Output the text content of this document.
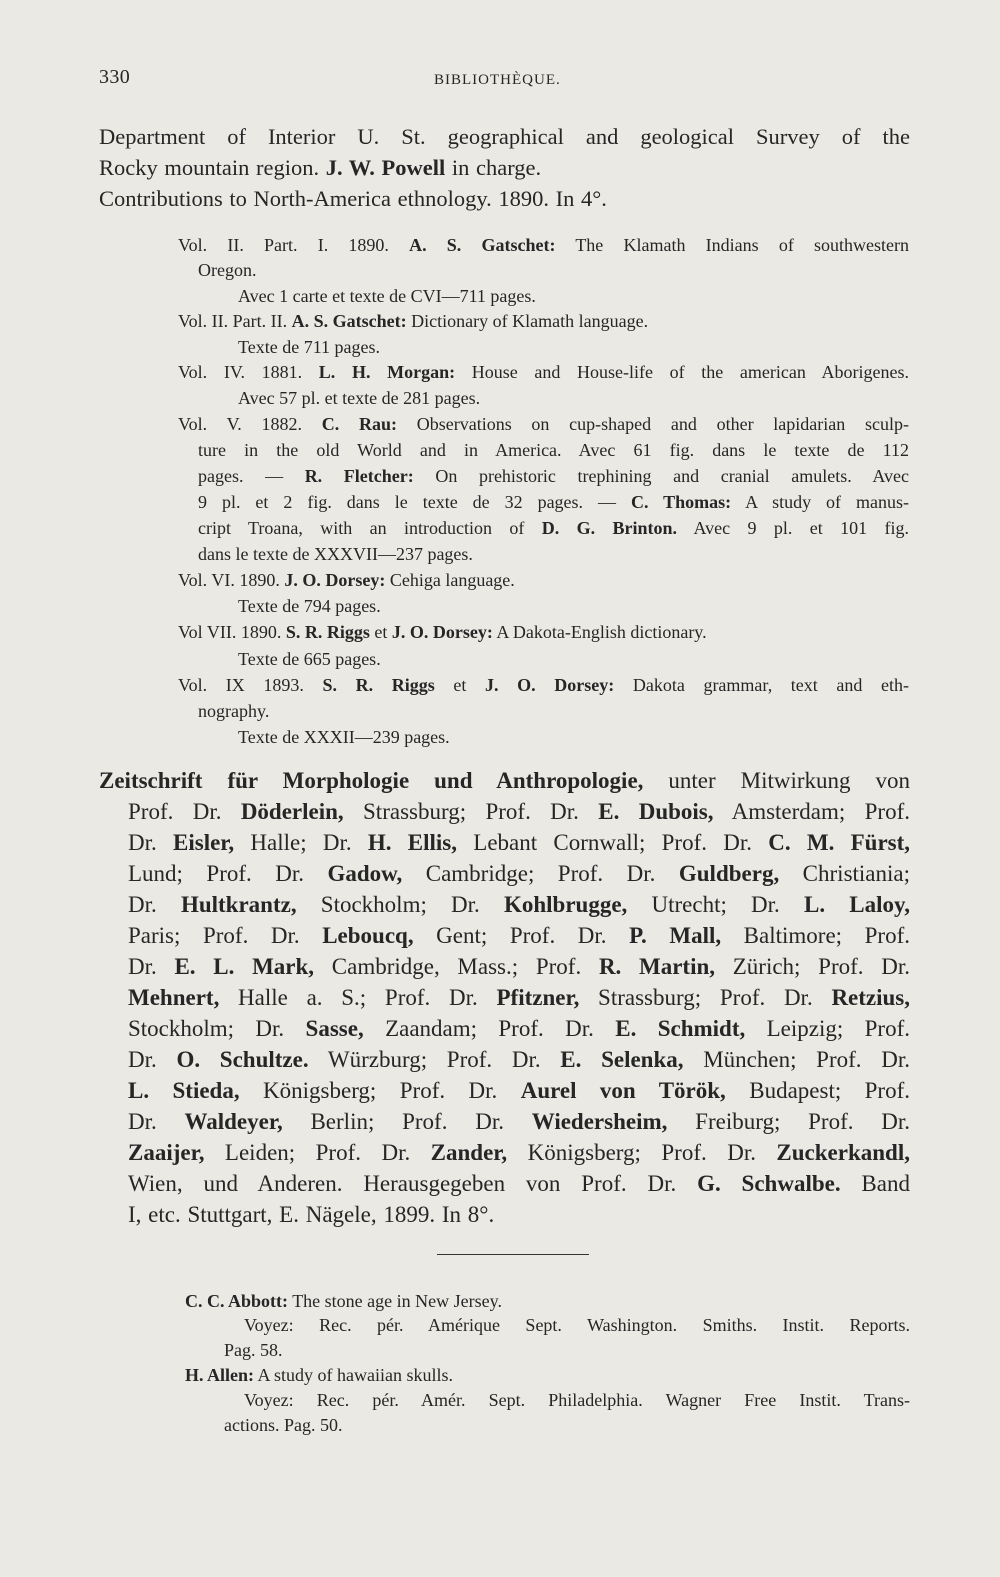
330	BIBLIOTHÈQUE.
Department of Interior U. St. geographical and geological Survey of the
Rocky mountain region. J. W. Powell in charge.
Contributions to North-America ethnology. 1890. In 4°.
Vol. II. Part. I. 1890. A. S. Gatschet: The Klamath Indians of southwestern
Oregon.
Avec 1 carte et texte de CVI—711 pages.
Vol. II. Part. II. A. S. Gatschet: Dictionary of Klamath language.
Texte de 711 pages.
Vol. IV. 1881. L. H. Morgan: House and House-life of the american Aborigenes.
Avec 57 pl. et texte de 281 pages.
Vol. V. 1882. C. Rau: Observations on cup-shaped and other lapidarian sculp-
ture in the old World and in America. Avec 61 fig. dans le texte de 112
pages. — R. Fletcher: On prehistoric trephining and cranial amulets. Avec
9 pl. et 2 fig. dans le texte de 32 pages. — C. Thomas: A study of manus-
cript Troana, with an introduction of D. G. Brinton. Avec 9 pl. et 101 fig.
dans le texte de XXXVII—237 pages.
Vol. VI. 1890. J. O. Dorsey: Cehiga language.
Texte de 794 pages.
Vol VII. 1890. S. R. Riggs et J. O. Dorsey: A Dakota-English dictionary.
Texte de 665 pages.
Vol. IX 1893. S. R. Riggs et J. O. Dorsey: Dakota grammar, text and eth-
nography.
Texte de XXXII—239 pages.
Zeitschrift für Morphologie und Anthropologie, unter Mitwirkung von
Prof. Dr. Döderlein, Strassburg; Prof. Dr. E. Dubois, Amsterdam; Prof.
Dr. Eisler, Halle; Dr. H. Ellis, Lebant Cornwall; Prof. Dr. C. M. Fürst,
Lund; Prof. Dr. Gadow, Cambridge; Prof. Dr. Guldberg, Christiania;
Dr. Hultkrantz, Stockholm; Dr. Kohlbrugge, Utrecht; Dr. L. Laloy,
Paris; Prof. Dr. Leboucq, Gent; Prof. Dr. P. Mall, Baltimore; Prof.
Dr. E. L. Mark, Cambridge, Mass.; Prof. R. Martin, Zürich; Prof. Dr.
Mehnert, Halle a. S.; Prof. Dr. Pfitzner, Strassburg; Prof. Dr. Retzius,
Stockholm; Dr. Sasse, Zaandam; Prof. Dr. E. Schmidt, Leipzig; Prof.
Dr. O. Schultze. Würzburg; Prof. Dr. E. Selenka, München; Prof. Dr.
L. Stieda, Königsberg; Prof. Dr. Aurel von Török, Budapest; Prof.
Dr. Waldeyer, Berlin; Prof. Dr. Wiedersheim, Freiburg; Prof. Dr.
Zaaijer, Leiden; Prof. Dr. Zander, Königsberg; Prof. Dr. Zuckerkandl,
Wien, und Anderen. Herausgegeben von Prof. Dr. G. Schwalbe. Band
I, etc. Stuttgart, E. Nägele, 1899. In 8°.
C. C. Abbott: The stone age in New Jersey.
Voyez: Rec. pér. Amérique Sept. Washington. Smiths. Instit. Reports.
Pag. 58.
H. Allen: A study of hawaiian skulls.
Voyez: Rec. pér. Amér. Sept. Philadelphia. Wagner Free Instit. Trans-
actions. Pag. 50.
